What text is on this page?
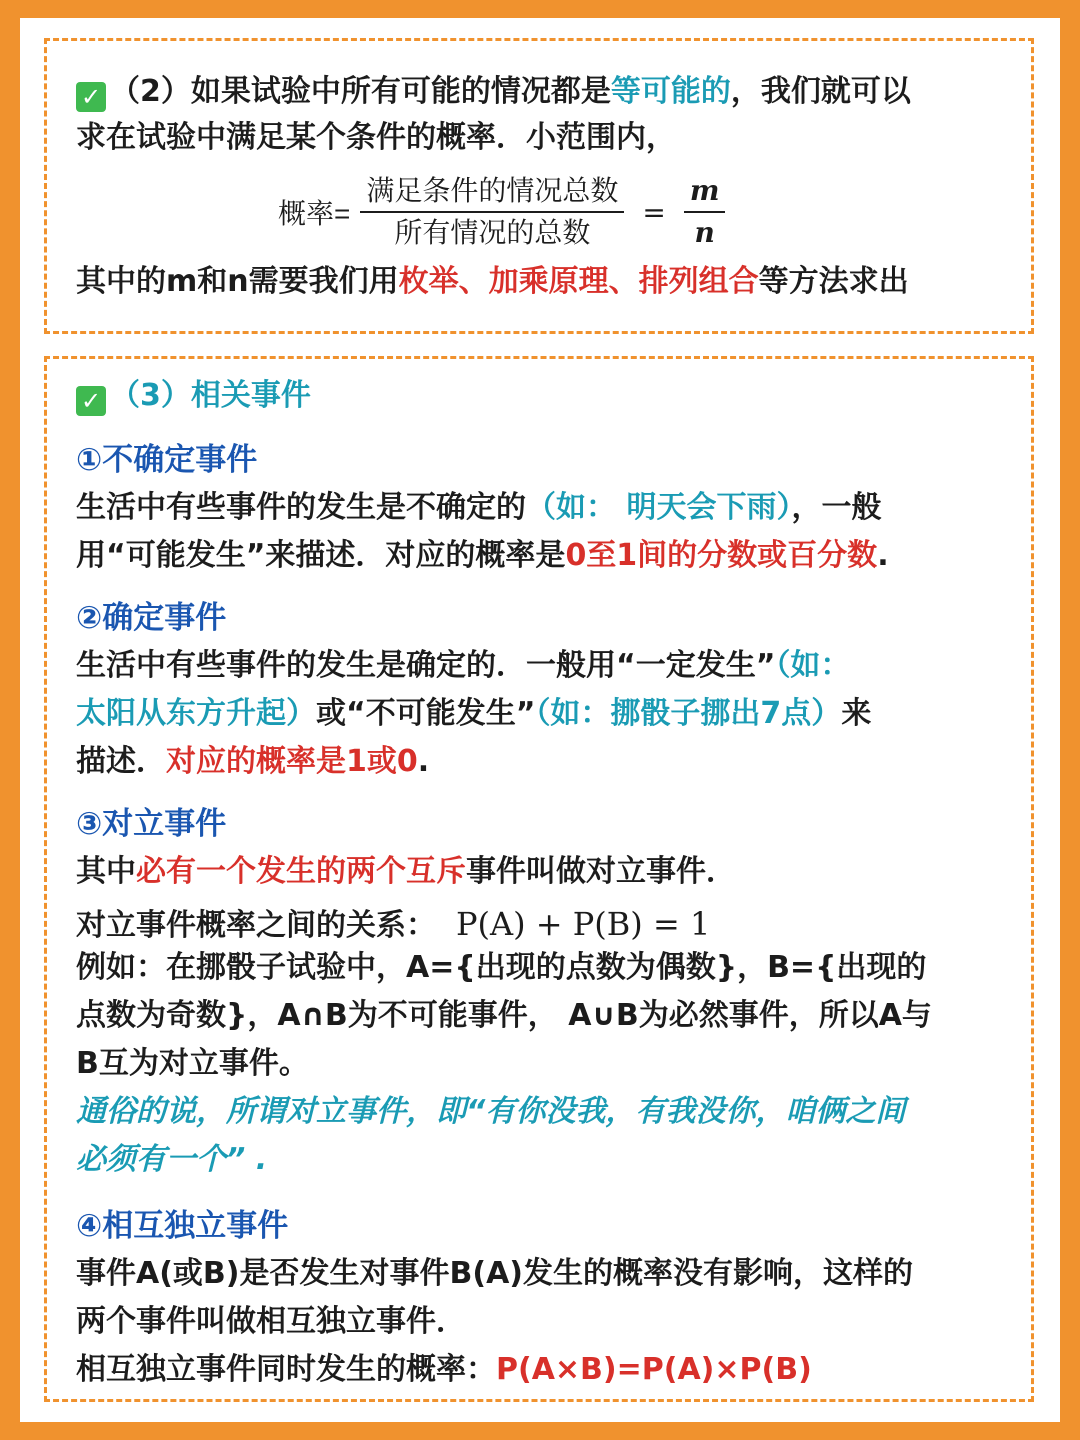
✓ （2）如果试验中所有可能的情况都是等可能的，我们就可以

求在试验中满足某个条件的概率．小范围内，

概率= $\frac{\text{满足条件的情况总数}}{\text{所有情况的总数}} = \frac{m}{n}$

其中的m和n需要我们用枚举、加乘原理、排列组合等方法求出

✓ （3）相关事件

①不确定事件

生活中有些事件的发生是不确定的（如： 明天会下雨），一般

用“可能发生”来描述．对应的概率是0至1间的分数或百分数.

②确定事件

生活中有些事件的发生是确定的．一般用“一定发生”（如：

太阳从东方升起）或“不可能发生”（如：挪骰子挪出7点）来

描述．对应的概率是1或0.

③对立事件

其中必有一个发生的两个互斥事件叫做对立事件．

对立事件概率之间的关系： P(A) + P(B) = 1

例如：在挪骰子试验中，A={出现的点数为偶数}，B={出现的

点数为奇数}，A∩B为不可能事件， A∪B为必然事件，所以A与

B互为对立事件。

通俗的说，所谓对立事件，即“有你没我，有我没你，咱俩之间

必须有一个” .

④相互独立事件

事件A(或B)是否发生对事件B(A)发生的概率没有影响，这样的

两个事件叫做相互独立事件．

相互独立事件同时发生的概率：P(A×B)=P(A)×P(B)
